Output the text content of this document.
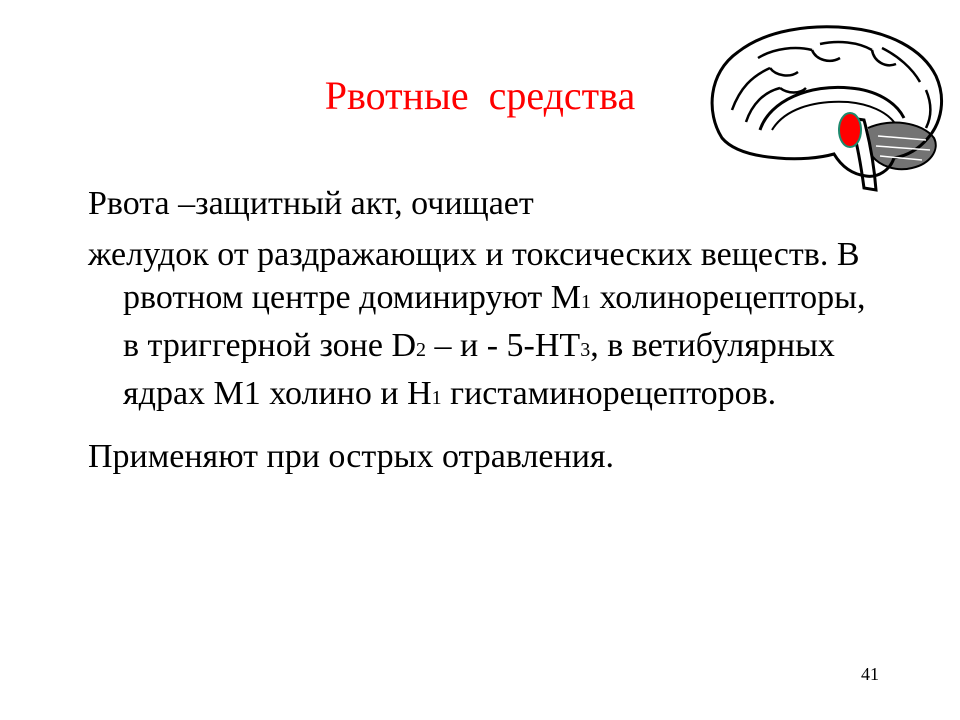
Рвотные  средства

Рвота –защитный акт, очищает

желудок от раздражающих и токсических веществ. В рвотном центре доминируют М1 холинорецепторы, в триггерной зоне D2 – и - 5-НТ3, в ветибулярных ядрах М1 холино и Н1 гистаминорецепторов.

Применяют при острых отравления.

41
